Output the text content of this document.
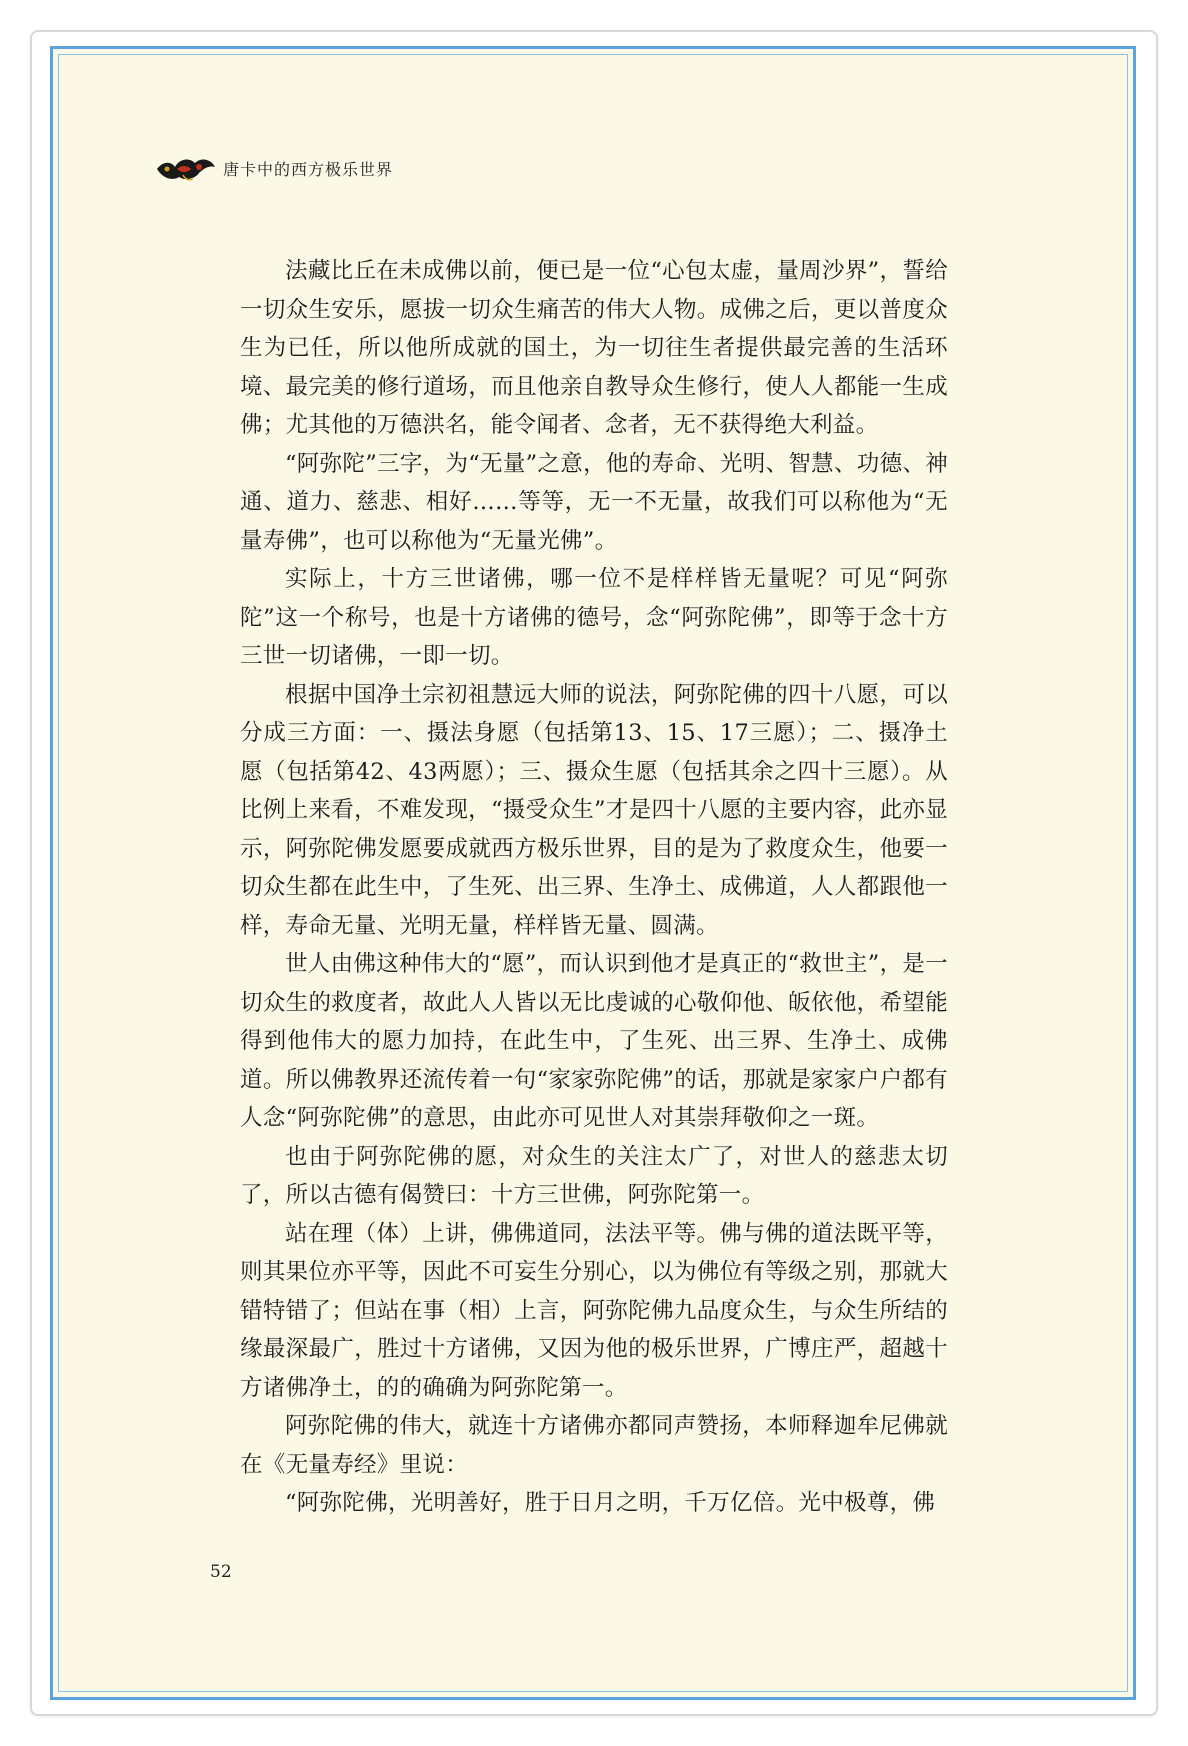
唐卡中的西方极乐世界

法藏比丘在未成佛以前，便已是一位“心包太虚，量周沙界”，誓给一切众生安乐，愿拔一切众生痛苦的伟大人物。成佛之后，更以普度众生为已任，所以他所成就的国土，为一切往生者提供最完善的生活环境、最完美的修行道场，而且他亲自教导众生修行，使人人都能一生成佛；尤其他的万德洪名，能令闻者、念者，无不获得绝大利益。

“阿弥陀”三字，为“无量”之意，他的寿命、光明、智慧、功德、神通、道力、慈悲、相好……等等，无一不无量，故我们可以称他为“无量寿佛”，也可以称他为“无量光佛”。

实际上，十方三世诸佛，哪一位不是样样皆无量呢？可见“阿弥陀”这一个称号，也是十方诸佛的德号，念“阿弥陀佛”，即等于念十方三世一切诸佛，一即一切。

根据中国净土宗初祖慧远大师的说法，阿弥陀佛的四十八愿，可以分成三方面：一、摄法身愿（包括第13、15、17三愿）；二、摄净土愿（包括第42、43两愿）；三、摄众生愿（包括其余之四十三愿）。从比例上来看，不难发现，“摄受众生”才是四十八愿的主要内容，此亦显示，阿弥陀佛发愿要成就西方极乐世界，目的是为了救度众生，他要一切众生都在此生中，了生死、出三界、生净土、成佛道，人人都跟他一样，寿命无量、光明无量，样样皆无量、圆满。

世人由佛这种伟大的“愿”，而认识到他才是真正的“救世主”，是一切众生的救度者，故此人人皆以无比虔诚的心敬仰他、皈依他，希望能得到他伟大的愿力加持，在此生中，了生死、出三界、生净土、成佛道。所以佛教界还流传着一句“家家弥陀佛”的话，那就是家家户户都有人念“阿弥陀佛”的意思，由此亦可见世人对其崇拜敬仰之一斑。

也由于阿弥陀佛的愿，对众生的关注太广了，对世人的慈悲太切了，所以古德有偈赞曰：十方三世佛，阿弥陀第一。

站在理（体）上讲，佛佛道同，法法平等。佛与佛的道法既平等，则其果位亦平等，因此不可妄生分别心，以为佛位有等级之别，那就大错特错了；但站在事（相）上言，阿弥陀佛九品度众生，与众生所结的缘最深最广，胜过十方诸佛，又因为他的极乐世界，广博庄严，超越十方诸佛净土，的的确确为阿弥陀第一。

阿弥陀佛的伟大，就连十方诸佛亦都同声赞扬，本师释迦牟尼佛就在《无量寿经》里说：

“阿弥陀佛，光明善好，胜于日月之明，千万亿倍。光中极尊，佛

52
